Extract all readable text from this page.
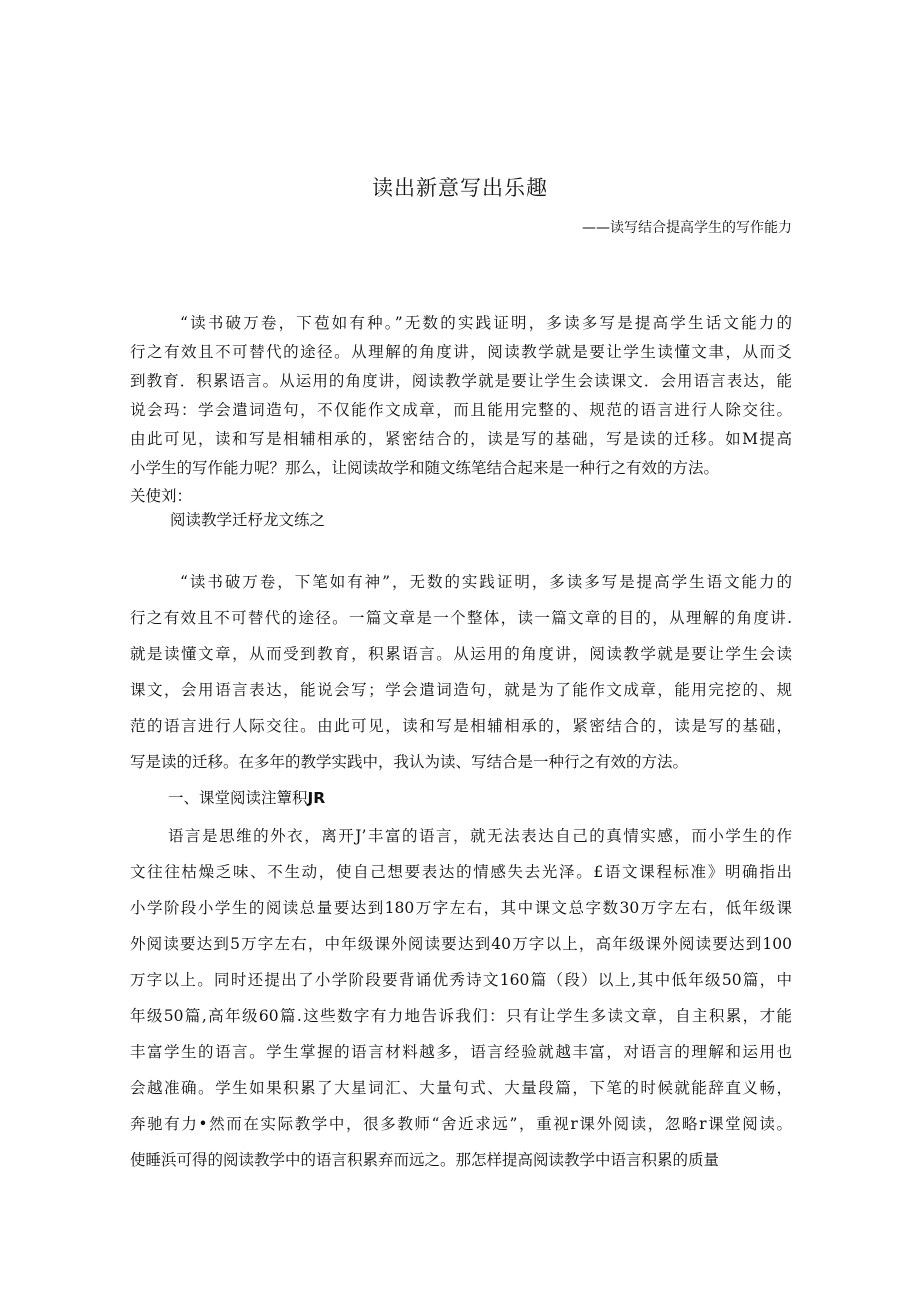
读出新意写出乐趣

——读写结合提高学生的写作能力

“读书破万卷，下苞如有种。”无数的实践证明，多读多写是提高学生话文能力的
行之有效且不可替代的途径。从理解的角度讲，阅读教学就是要让学生读懂文聿，从而爻
到教育．积累语言。从运用的角度讲，阅读教学就是要让学生会读课文．会用语言表达，能
说会玛：学会遣词造句，不仅能作文成章，而且能用完整的、规范的语言进行人除交往。
由此可见，读和写是相辅相承的，紧密结合的，读是写的基础，写是读的迁移。如M提高
小学生的写作能力呢？那么，让阅读故学和随文练笔结合起来是一种行之有效的方法。
关使刘：
阅读教学迁杼龙文练之
“读书破万卷，下笔如有神”，无数的实践证明，多读多写是提高学生语文能力的
行之有效且不可替代的途径。一篇文章是一个整体，读一篇文章的目的，从理解的角度讲.
就是读懂文章，从而受到教育，积累语言。从运用的角度讲，阅读教学就是要让学生会读
课文，会用语言表达，能说会写；学会遣词造句，就是为了能作文成章，能用完挖的、规
范的语言进行人际交往。由此可见，读和写是相辅相承的，紧密结合的，读是写的基础，
写是读的迁移。在多年的教学实践中，我认为读、写结合是一种行之有效的方法。
一、课堂阅读注簟积JR
语言是思维的外衣，离开J’丰富的语言，就无法表达自己的真情实感，而小学生的作
文往往枯燥乏味、不生动，使自己想要表达的情感失去光泽。£语文课程标准》明确指出
小学阶段小学生的阅读总量要达到180万字左右，其中课文总字数30万字左右，低年级课
外阅读要达到5万字左右，中年级课外阅读要达到40万字以上，高年级课外阅读要达到100
万字以上。同时还提出了小学阶段要背诵优秀诗文160篇（段）以上,其中低年级50篇，中
年级50篇,高年级60篇.这些数字有力地告诉我们：只有让学生多读文章，自主积累，才能
丰富学生的语言。学生掌握的语言材料越多，语言经验就越丰富，对语言的理解和运用也
会越准确。学生如果积累了大星词汇、大量句式、大量段篇，下笔的时候就能辞直义畅，
奔驰有力•然而在实际教学中，很多教师“舍近求远”，重视r课外阅读，忽略r课堂阅读。
使睡浜可得的阅读教学中的语言积累弃而远之。那怎样提高阅读教学中语言积累的质量
